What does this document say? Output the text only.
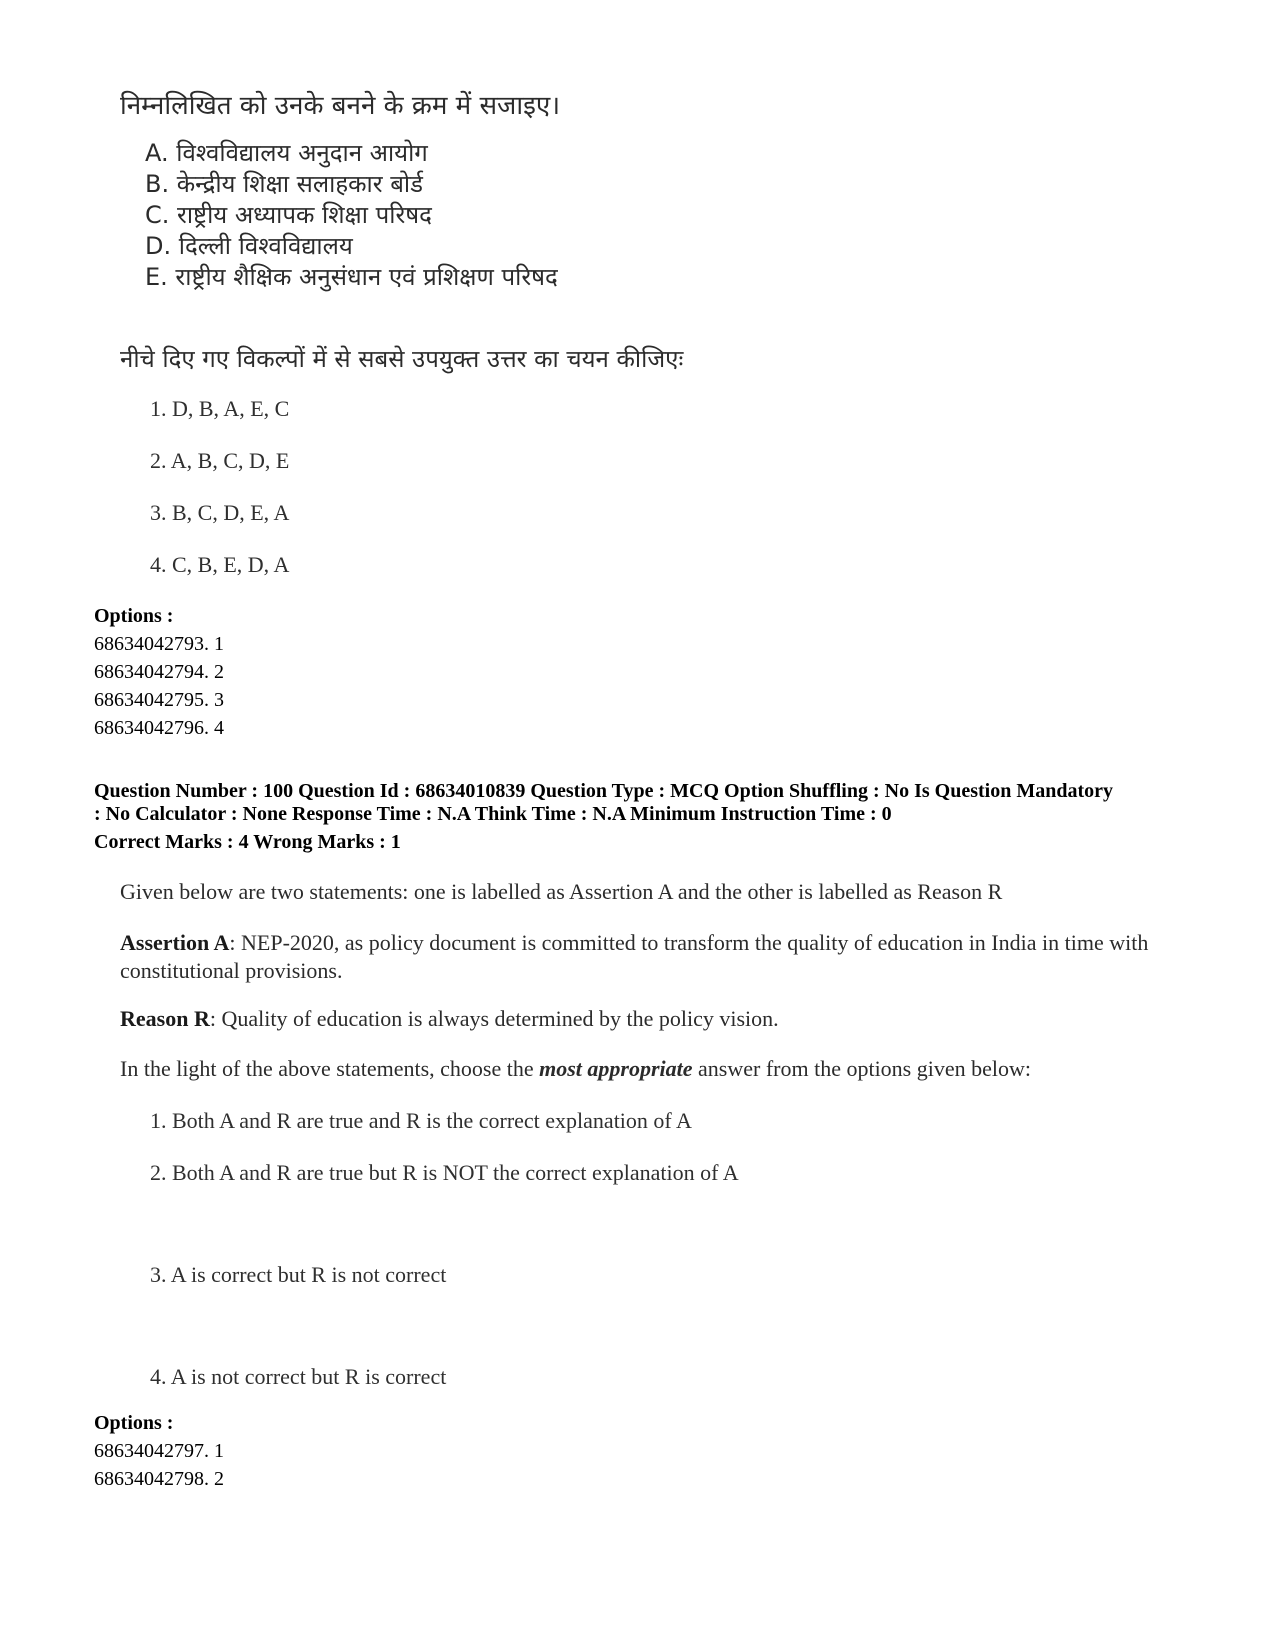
निम्नलिखित को उनके बनने के क्रम में सजाइए।
A. विश्वविद्यालय अनुदान आयोग
B. केन्द्रीय शिक्षा सलाहकार बोर्ड
C. राष्ट्रीय अध्यापक शिक्षा परिषद
D. दिल्ली विश्वविद्यालय
E. राष्ट्रीय शैक्षिक अनुसंधान एवं प्रशिक्षण परिषद
नीचे दिए गए विकल्पों में से सबसे उपयुक्त उत्तर का चयन कीजिएः
1. D, B, A, E, C
2. A, B, C, D, E
3. B, C, D, E, A
4. C, B, E, D, A
Options :
68634042793. 1
68634042794. 2
68634042795. 3
68634042796. 4
Question Number : 100 Question Id : 68634010839 Question Type : MCQ Option Shuffling : No Is Question Mandatory
: No Calculator : None Response Time : N.A Think Time : N.A Minimum Instruction Time : 0
Correct Marks : 4 Wrong Marks : 1
Given below are two statements: one is labelled as Assertion A and the other is labelled as Reason R
Assertion A: NEP-2020, as policy document is committed to transform the quality of education in India in time with constitutional provisions.
Reason R: Quality of education is always determined by the policy vision.
In the light of the above statements, choose the most appropriate answer from the options given below:
1. Both A and R are true and R is the correct explanation of A
2. Both A and R are true but R is NOT the correct explanation of A
3. A is correct but R is not correct
4. A is not correct but R is correct
Options :
68634042797. 1
68634042798. 2
